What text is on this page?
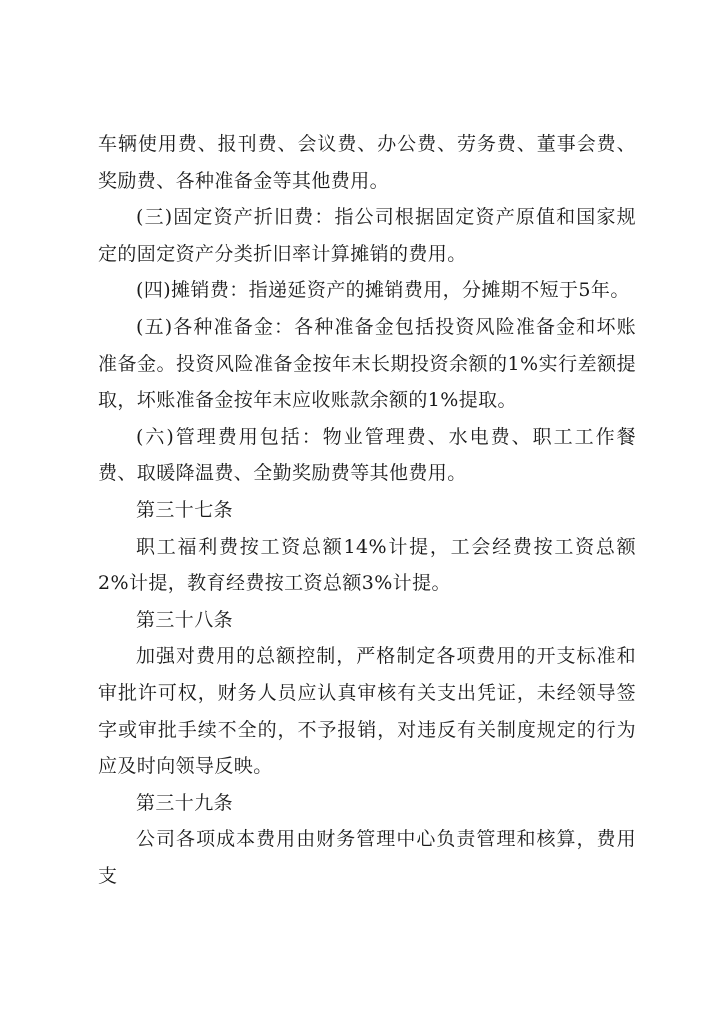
车辆使用费、报刊费、会议费、办公费、劳务费、董事会费、奖励费、各种准备金等其他费用。

(三)固定资产折旧费：指公司根据固定资产原值和国家规定的固定资产分类折旧率计算摊销的费用。

(四)摊销费：指递延资产的摊销费用，分摊期不短于5年。

(五)各种准备金：各种准备金包括投资风险准备金和坏账准备金。投资风险准备金按年末长期投资余额的1%实行差额提取，坏账准备金按年末应收账款余额的1%提取。

(六)管理费用包括：物业管理费、水电费、职工工作餐费、取暖降温费、全勤奖励费等其他费用。

第三十七条

职工福利费按工资总额14%计提，工会经费按工资总额2%计提，教育经费按工资总额3%计提。

第三十八条

加强对费用的总额控制，严格制定各项费用的开支标准和审批许可权，财务人员应认真审核有关支出凭证，未经领导签字或审批手续不全的，不予报销，对违反有关制度规定的行为应及时向领导反映。

第三十九条

公司各项成本费用由财务管理中心负责管理和核算，费用支
